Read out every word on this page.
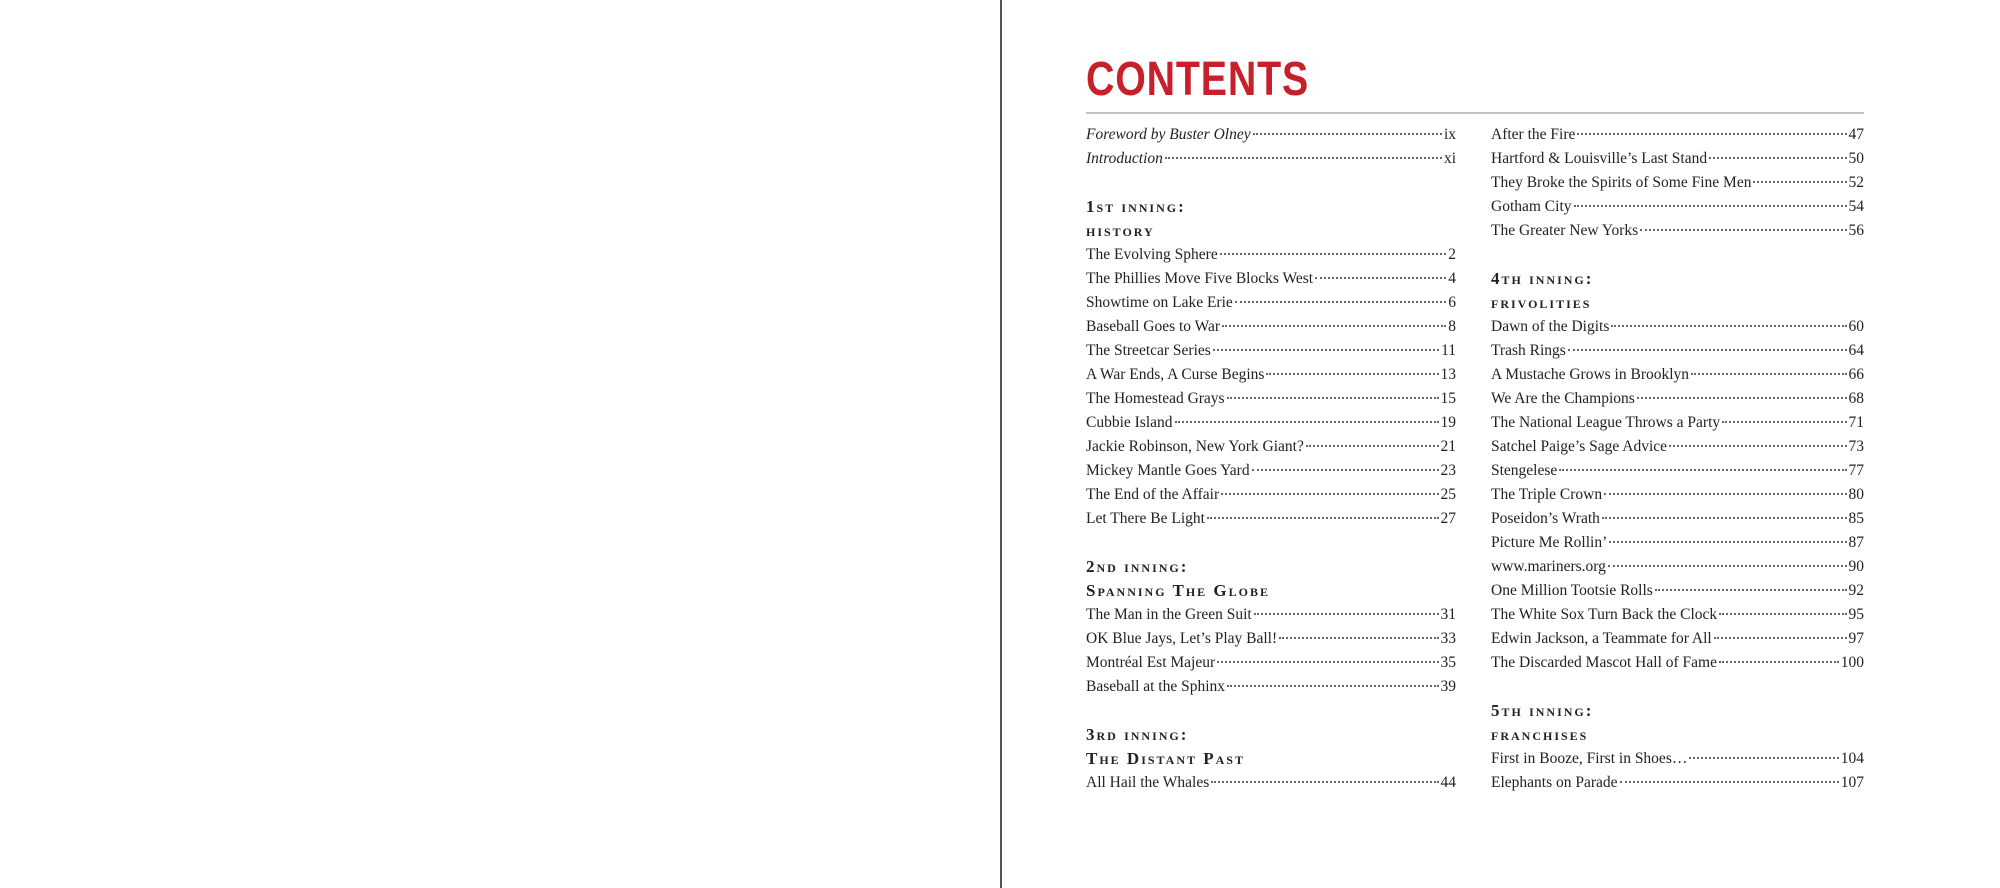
CONTENTS
Foreword by Buster Olney	ix
Introduction	xi
1st inning:
history
The Evolving Sphere	2
The Phillies Move Five Blocks West	4
Showtime on Lake Erie	6
Baseball Goes to War	8
The Streetcar Series	11
A War Ends, A Curse Begins	13
The Homestead Grays	15
Cubbie Island	19
Jackie Robinson, New York Giant?	21
Mickey Mantle Goes Yard	23
The End of the Affair	25
Let There Be Light	27
2nd inning:
Spanning The Globe
The Man in the Green Suit	31
OK Blue Jays, Let’s Play Ball!	33
Montréal Est Majeur	35
Baseball at the Sphinx	39
3rd inning:
The Distant Past
All Hail the Whales	44
After the Fire	47
Hartford & Louisville’s Last Stand	50
They Broke the Spirits of Some Fine Men	52
Gotham City	54
The Greater New Yorks	56
4th inning:
frivolities
Dawn of the Digits	60
Trash Rings	64
A Mustache Grows in Brooklyn	66
We Are the Champions	68
The National League Throws a Party	71
Satchel Paige’s Sage Advice	73
Stengelese	77
The Triple Crown	80
Poseidon’s Wrath	85
Picture Me Rollin’	87
www.mariners.org	90
One Million Tootsie Rolls	92
The White Sox Turn Back the Clock	95
Edwin Jackson, a Teammate for All	97
The Discarded Mascot Hall of Fame	100
5th inning:
franchises
First in Booze, First in Shoes…	104
Elephants on Parade	107
